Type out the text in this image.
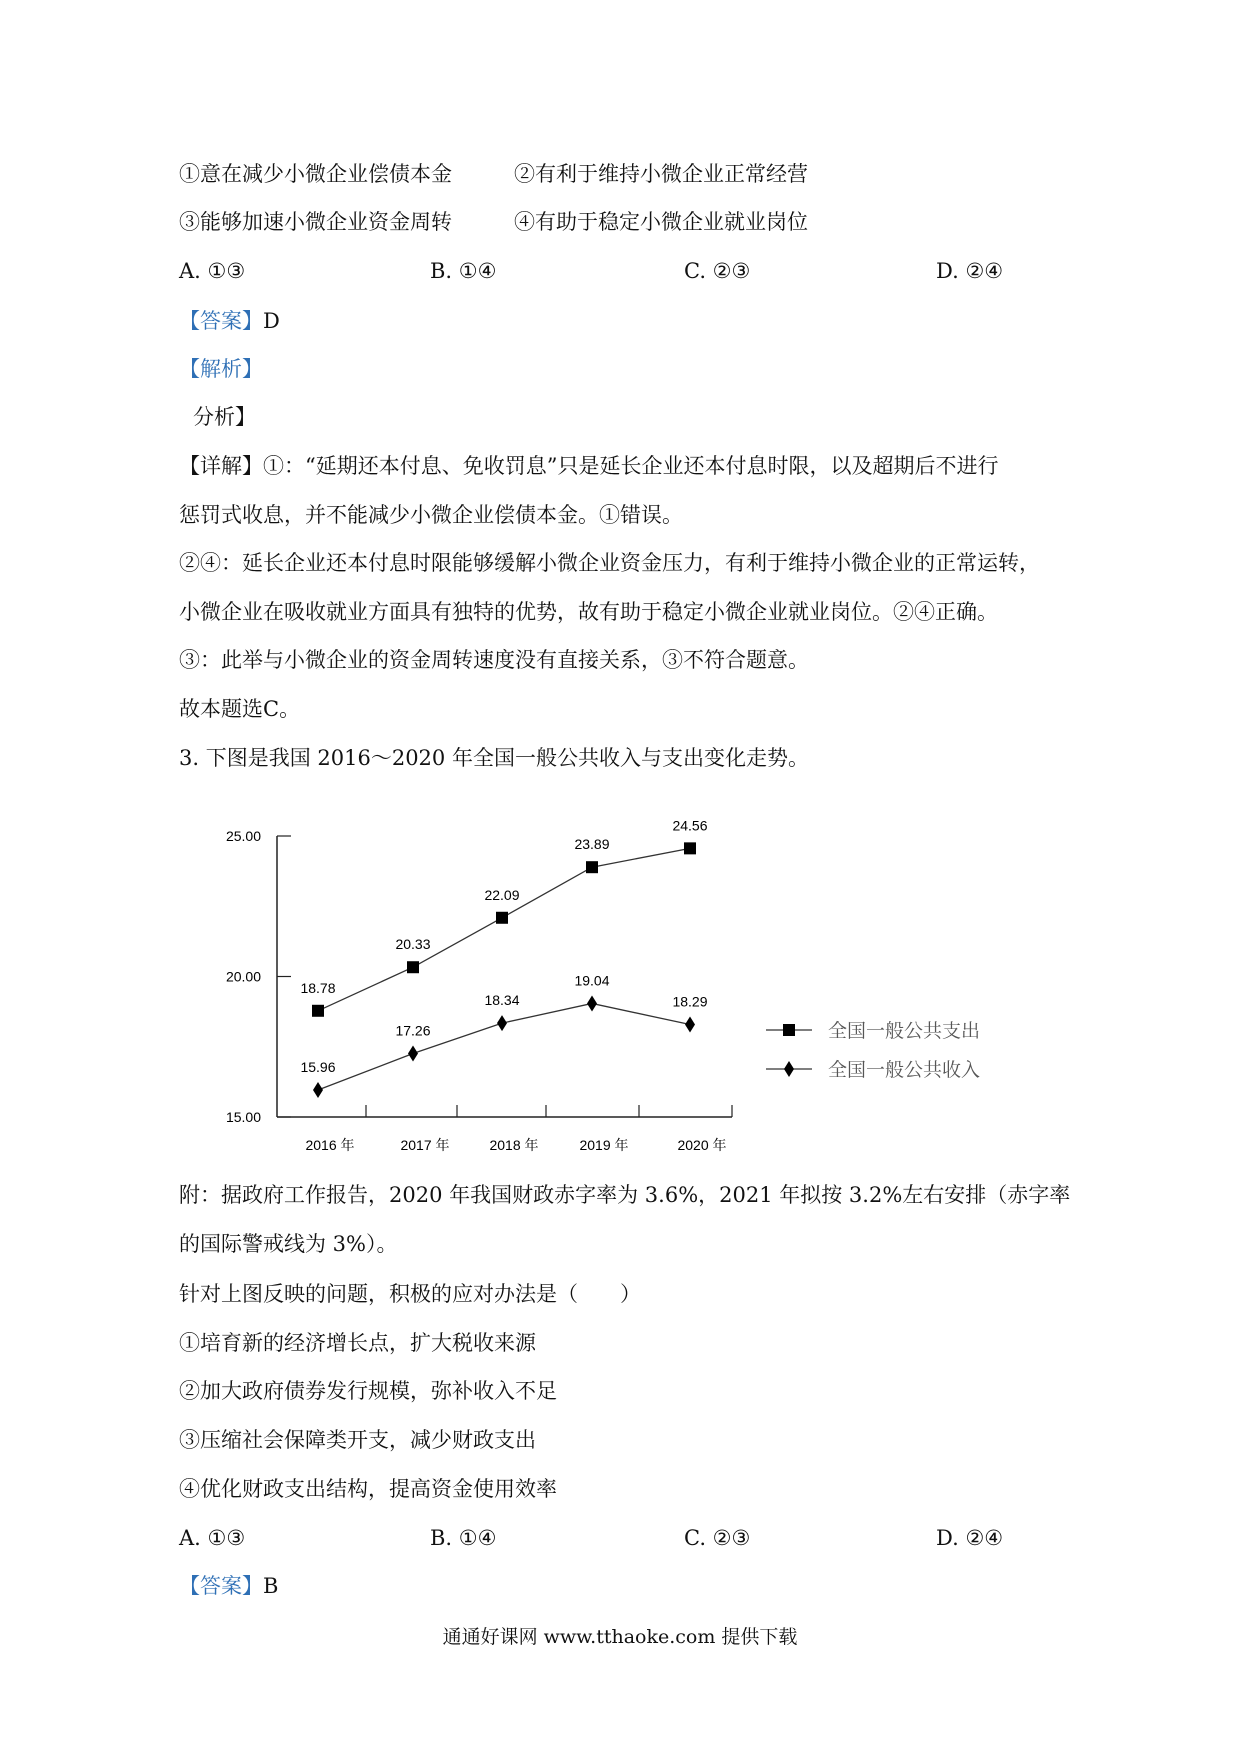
①意在减少小微企业偿债本金	②有利于维持小微企业正常经营
③能够加速小微企业资金周转	④有助于稳定小微企业就业岗位
A. ①③	B. ①④	C. ②③	D. ②④
【答案】D
【解析】
分析】
【详解】①：“延期还本付息、免收罚息”只是延长企业还本付息时限，以及超期后不进行
惩罚式收息，并不能减少小微企业偿债本金。①错误。
②④：延长企业还本付息时限能够缓解小微企业资金压力，有利于维持小微企业的正常运转，
小微企业在吸收就业方面具有独特的优势，故有助于稳定小微企业就业岗位。②④正确。
③：此举与小微企业的资金周转速度没有直接关系，③不符合题意。
故本题选C。
3. 下图是我国 2016～2020 年全国一般公共收入与支出变化走势。
15.00
20.00
25.00
2016 年	2017 年	2018 年	2019 年	2020 年
18.78
20.33
22.09
23.89
24.56
全国一般公共支出
15.96
17.26
18.34
19.04
18.29
全国一般公共收入
附：据政府工作报告，2020 年我国财政赤字率为 3.6%，2021 年拟按 3.2%左右安排（赤字率
的国际警戒线为 3%）。
针对上图反映的问题，积极的应对办法是（　　）
①培育新的经济增长点，扩大税收来源
②加大政府债券发行规模，弥补收入不足
③压缩社会保障类开支，减少财政支出
④优化财政支出结构，提高资金使用效率
A. ①③	B. ①④	C. ②③	D. ②④
【答案】B
通通好课网 www.tthaoke.com 提供下载
